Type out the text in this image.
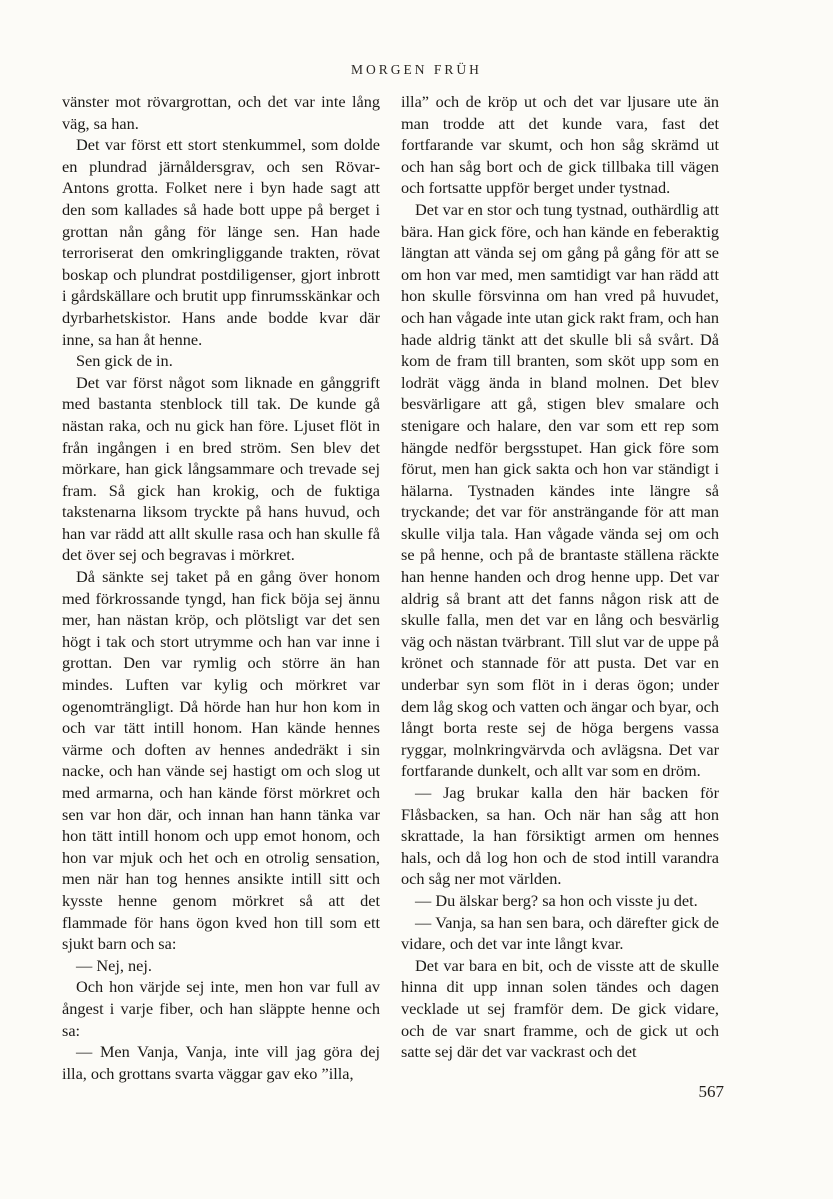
MORGEN FRÜH

vänster mot rövargrottan, och det var inte lång väg, sa han.

Det var först ett stort stenkummel, som dolde en plundrad järnåldersgrav, och sen Rövar-Antons grotta. Folket nere i byn hade sagt att den som kallades så hade bott uppe på berget i grottan nån gång för länge sen. Han hade terroriserat den omkringliggande trakten, rövat boskap och plundrat postdiligenser, gjort inbrott i gårdskällare och brutit upp finrumsskänkar och dyrbarhetskistor. Hans ande bodde kvar där inne, sa han åt henne.

Sen gick de in.

Det var först något som liknade en gånggrift med bastanta stenblock till tak. De kunde gå nästan raka, och nu gick han före. Ljuset flöt in från ingången i en bred ström. Sen blev det mörkare, han gick långsammare och trevade sej fram. Så gick han krokig, och de fuktiga takstenarna liksom tryckte på hans huvud, och han var rädd att allt skulle rasa och han skulle få det över sej och begravas i mörkret.

Då sänkte sej taket på en gång över honom med förkrossande tyngd, han fick böja sej ännu mer, han nästan kröp, och plötsligt var det sen högt i tak och stort utrymme och han var inne i grottan. Den var rymlig och större än han mindes. Luften var kylig och mörkret var ogenomträngligt. Då hörde han hur hon kom in och var tätt intill honom. Han kände hennes värme och doften av hennes andedräkt i sin nacke, och han vände sej hastigt om och slog ut med armarna, och han kände först mörkret och sen var hon där, och innan han hann tänka var hon tätt intill honom och upp emot honom, och hon var mjuk och het och en otrolig sensation, men när han tog hennes ansikte intill sitt och kysste henne genom mörkret så att det flammade för hans ögon kved hon till som ett sjukt barn och sa:

— Nej, nej.

Och hon värjde sej inte, men hon var full av ångest i varje fiber, och han släppte henne och sa:

— Men Vanja, Vanja, inte vill jag göra dej illa, och grottans svarta väggar gav eko ”illa,

illa” och de kröp ut och det var ljusare ute än man trodde att det kunde vara, fast det fortfarande var skumt, och hon såg skrämd ut och han såg bort och de gick tillbaka till vägen och fortsatte uppför berget under tystnad.

Det var en stor och tung tystnad, outhärdlig att bära. Han gick före, och han kände en feberaktig längtan att vända sej om gång på gång för att se om hon var med, men samtidigt var han rädd att hon skulle försvinna om han vred på huvudet, och han vågade inte utan gick rakt fram, och han hade aldrig tänkt att det skulle bli så svårt. Då kom de fram till branten, som sköt upp som en lodrät vägg ända in bland molnen. Det blev besvärligare att gå, stigen blev smalare och stenigare och halare, den var som ett rep som hängde nedför bergsstupet. Han gick före som förut, men han gick sakta och hon var ständigt i hälarna. Tystnaden kändes inte längre så tryckande; det var för ansträngande för att man skulle vilja tala. Han vågade vända sej om och se på henne, och på de brantaste ställena räckte han henne handen och drog henne upp. Det var aldrig så brant att det fanns någon risk att de skulle falla, men det var en lång och besvärlig väg och nästan tvärbrant. Till slut var de uppe på krönet och stannade för att pusta. Det var en underbar syn som flöt in i deras ögon; under dem låg skog och vatten och ängar och byar, och långt borta reste sej de höga bergens vassa ryggar, molnkringvärvda och avlägsna. Det var fortfarande dunkelt, och allt var som en dröm.

— Jag brukar kalla den här backen för Flåsbacken, sa han. Och när han såg att hon skrattade, la han försiktigt armen om hennes hals, och då log hon och de stod intill varandra och såg ner mot världen.

— Du älskar berg? sa hon och visste ju det.

— Vanja, sa han sen bara, och därefter gick de vidare, och det var inte långt kvar.

Det var bara en bit, och de visste att de skulle hinna dit upp innan solen tändes och dagen vecklade ut sej framför dem. De gick vidare, och de var snart framme, och de gick ut och satte sej där det var vackrast och det

567
